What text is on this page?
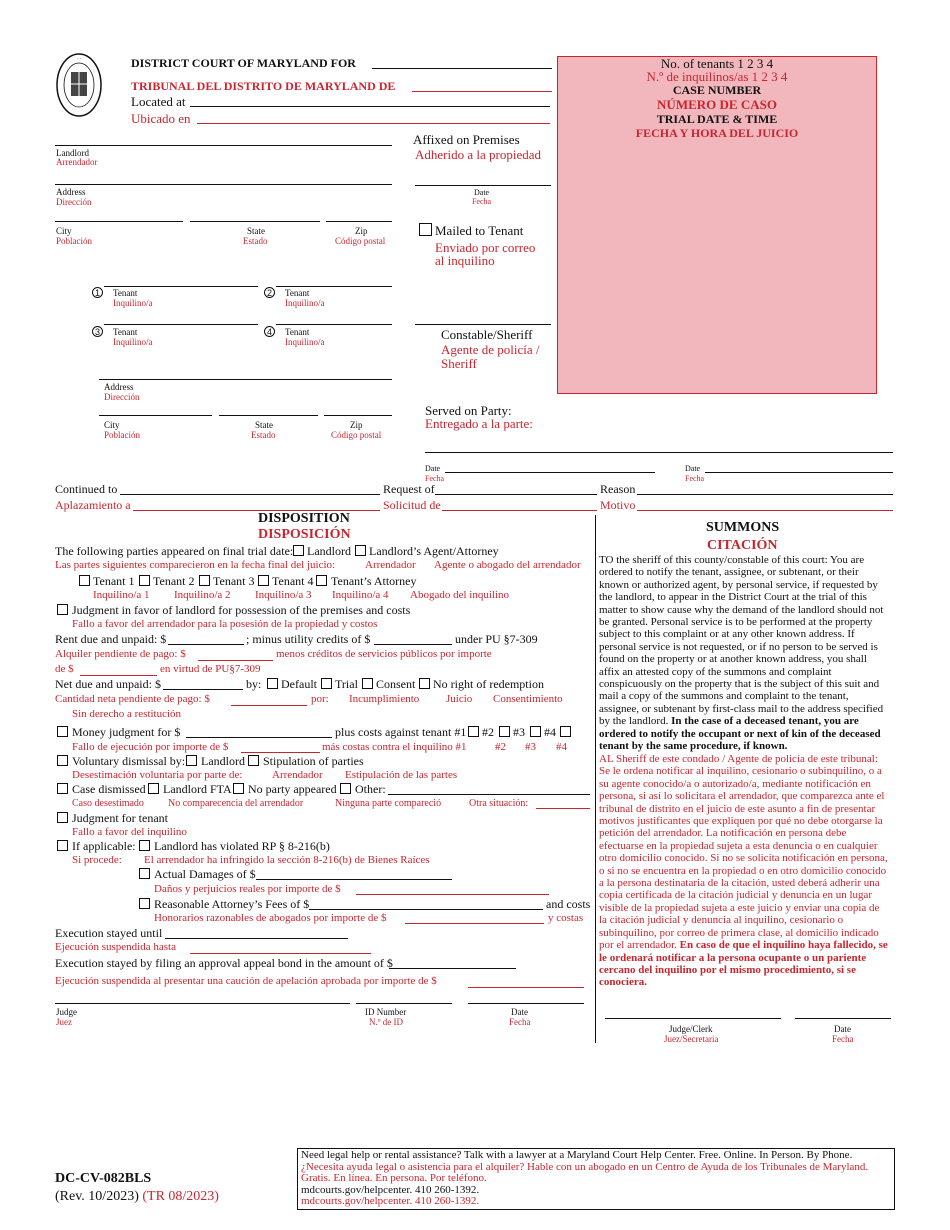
· ·	DISTRICT COURT OF MARYLAND FOR
TRIBUNAL DEL DISTRITO DE MARYLAND DE
Located at
Ubicado en
No. of tenants 1 2 3 4
N.º de inquilinos/as 1 2 3 4
CASE NUMBER
NÚMERO DE CASO
TRIAL DATE & TIME
FECHA Y HORA DEL JUICIO
Landlord
Arrendador
Address
Dirección
City
Población
State
Estado
Zip
Código postal
1	Tenant
Inquilino/a
2	Tenant
Inquilino/a
3	Tenant
Inquilino/a
4	Tenant
Inquilino/a
Address
Dirección
City
Población
State
Estado
Zip
Código postal
Affixed on Premises
Adherido a la propiedad
Date
Fecha
Mailed to Tenant
Enviado por correo
al inquilino
Constable/Sheriff
Agente de policía /
Sheriff
Served on Party:
Entregado a la parte:
Date
Fecha
Date
Fecha
Continued to	Request of	Reason
Aplazamiento a	Solicitud de	Motivo
DISPOSITION
DISPOSICIÓN
The following parties appeared on final trial date: Landlord Landlord’s Agent/Attorney
Las partes siguientes comparecieron en la fecha final del juicio:	Arrendador Agente o abogado del arrendador
Tenant 1 Tenant 2 Tenant 3 Tenant 4 Tenant’s Attorney
Inquilino/a 1 Inquilino/a 2 Inquilino/a 3 Inquilino/a 4 Abogado del inquilino
Judgment in favor of landlord for possession of the premises and costs
Fallo a favor del arrendador para la posesión de la propiedad y costos
Rent due and unpaid: $	; minus utility credits of $	under PU §7-309
Alquiler pendiente de pago: $	menos créditos de servicios públicos por importe
de $	en virtud de PU§7-309
Net due and unpaid: $	by: Default Trial Consent No right of redemption
Cantidad neta pendiente de pago: $	por: Incumplimiento Juicio Consentimiento
Sin derecho a restitución
Money judgment for $	plus costs against tenant #1 #2 #3 #4
Fallo de ejecución por importe de $	más costas contra el inquilino #1	#2 #3 #4
Voluntary dismissal by: Landlord Stipulation of parties
Desestimación voluntaria por parte de:	Arrendador Estipulación de las partes
Case dismissed Landlord FTA No party appeared Other:
Caso desestimado No comparecencia del arrendador	Ninguna parte compareció	Otra situación:
Judgment for tenant
Fallo a favor del inquilino
If applicable: Landlord has violated RP § 8-216(b)
Si procede: El arrendador ha infringido la sección 8-216(b) de Bienes Raíces
Actual Damages of $
Daños y perjuicios reales por importe de $
Reasonable Attorney’s Fees of $	and costs
Honorarios razonables de abogados por importe de $	y costas
Execution stayed until
Ejecución suspendida hasta
Execution stayed by filing an approval appeal bond in the amount of $
Ejecución suspendida al presentar una caución de apelación aprobada por importe de $
Judge
Juez
ID Number
N.º de ID
Date
Fecha
SUMMONS
CITACIÓN
TO the sheriff of this county/constable of this court: You are ordered to notify the tenant, assignee, or subtenant, or their known or authorized agent, by personal service, if requested by the landlord, to appear in the District Court at the trial of this matter to show cause why the demand of the landlord should not be granted. Personal service is to be performed at the property subject to this complaint or at any other known address. If personal service is not requested, or if no person to be served is found on the property or at another known address, you shall affix an attested copy of the summons and complaint conspicuously on the property that is the subject of this suit and mail a copy of the summons and complaint to the tenant, assignee, or subtenant by first-class mail to the address specified by the landlord. In the case of a deceased tenant, you are ordered to notify the occupant or next of kin of the deceased tenant by the same procedure, if known.
AL Sheriff de este condado / Agente de policía de este tribunal: Se le ordena notificar al inquilino, cesionario o subinquilino, o a su agente conocido/a o autorizado/a, mediante notificación en persona, si así lo solicitara el arrendador, que comparezca ante el tribunal de distrito en el juicio de este asunto a fin de presentar motivos justificantes que expliquen por qué no debe otorgarse la petición del arrendador. La notificación en persona debe efectuarse en la propiedad sujeta a esta denuncia o en cualquier otro domicilio conocido. Si no se solicita notificación en persona, o si no se encuentra en la propiedad o en otro domicilio conocido a la persona destinataria de la citación, usted deberá adherir una copia certificada de la citación judicial y denuncia en un lugar visible de la propiedad sujeta a este juicio y enviar una copia de la citación judicial y denuncia al inquilino, cesionario o subinquilino, por correo de primera clase, al domicilio indicado por el arrendador. En caso de que el inquilino haya fallecido, se le ordenará notificar a la persona ocupante o un pariente cercano del inquilino por el mismo procedimiento, si se conociera.
Judge/Clerk
Juez/Secretaria
Date
Fecha
DC-CV-082BLS
(Rev. 10/2023) (TR 08/2023)
Need legal help or rental assistance? Talk with a lawyer at a Maryland Court Help Center. Free. Online. In Person. By Phone.
¿Necesita ayuda legal o asistencia para el alquiler? Hable con un abogado en un Centro de Ayuda de los Tribunales de Maryland. Gratis. En línea. En persona. Por teléfono.
mdcourts.gov/helpcenter. 410 260-1392.
mdcourts.gov/helpcenter. 410 260-1392.
